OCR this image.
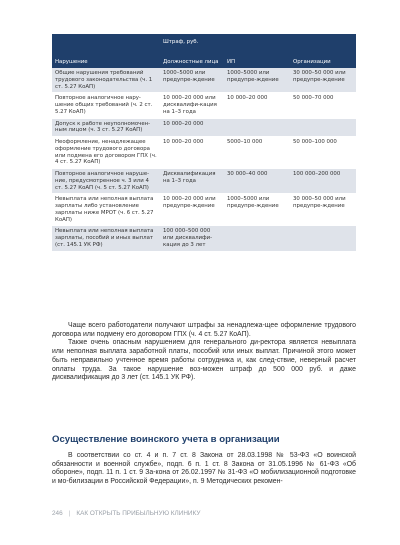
	Штраф, руб.		
Нарушение	Должностные лица	ИП	Организации
Общие нарушения требований трудового законодательства (ч. 1 ст. 5.27 КоАП)	1000–5000 или предупре-ждение	1000–5000 или предупре-ждение	30 000–50 000 или предупре-ждение
Повторное аналогичное нару-шение общих требований (ч. 2 ст. 5.27 КоАП)	10 000–20 000 или дисквалифи-кация на 1–3 года	10 000–20 000	50 000–70 000
Допуск к работе неуполномочен-ным лицом (ч. 3 ст. 5.27 КоАП)	10 000–20 000		
Неоформление, ненадлежащее оформление трудового договора или подмена его договором ГПХ (ч. 4 ст. 5.27 КоАП)	10 000–20 000	5000–10 000	50 000–100 000
Повторное аналогичное наруше-ние, предусмотренное ч. 3 или 4 ст. 5.27 КоАП (ч. 5 ст. 5.27 КоАП)	Дисквалификация на 1–3 года	30 000–40 000	100 000–200 000
Невыплата или неполная выплата зарплаты либо установление зарплаты ниже МРОТ (ч. 6 ст. 5.27 КоАП)	10 000–20 000 или предупре-ждение	1000–5000 или предупре-ждение	30 000–50 000 или предупре-ждение
Невыплата или неполная выплата зарплаты, пособий и иных выплат (ст. 145.1 УК РФ)	100 000–500 000 или дисквалифи-кация до 3 лет		

Чаще всего работодатели получают штрафы за ненадлежа-щее оформление трудового договора или подмену его договором ГПХ (ч. 4 ст. 5.27 КоАП).

Также очень опасным нарушением для генерального ди-ректора является невыплата или неполная выплата заработной платы, пособий или иных выплат. Причиной этого может быть неправильно учтенное время работы сотрудника и, как след-ствие, неверный расчет оплаты труда. За такое нарушение воз-можен штраф до 500 000 руб. и даже дисквалификация до 3 лет (ст. 145.1 УК РФ).

Осуществление воинского учета в организации

В соответствии со ст. 4 и п. 7 ст. 8 Закона от 28.03.1998 № 53-ФЗ «О воинской обязанности и военной службе», подп. 6 п. 1 ст. 8 Закона от 31.05.1996 № 61-ФЗ «Об обороне», подп. 11 п. 1 ст. 9 За-кона от 26.02.1997 № 31-ФЗ «О мобилизационной подготовке и мо-билизации в Российской Федерации», п. 9 Методических рекомен-

246 | КАК ОТКРЫТЬ ПРИБЫЛЬНУЮ КЛИНИКУ
